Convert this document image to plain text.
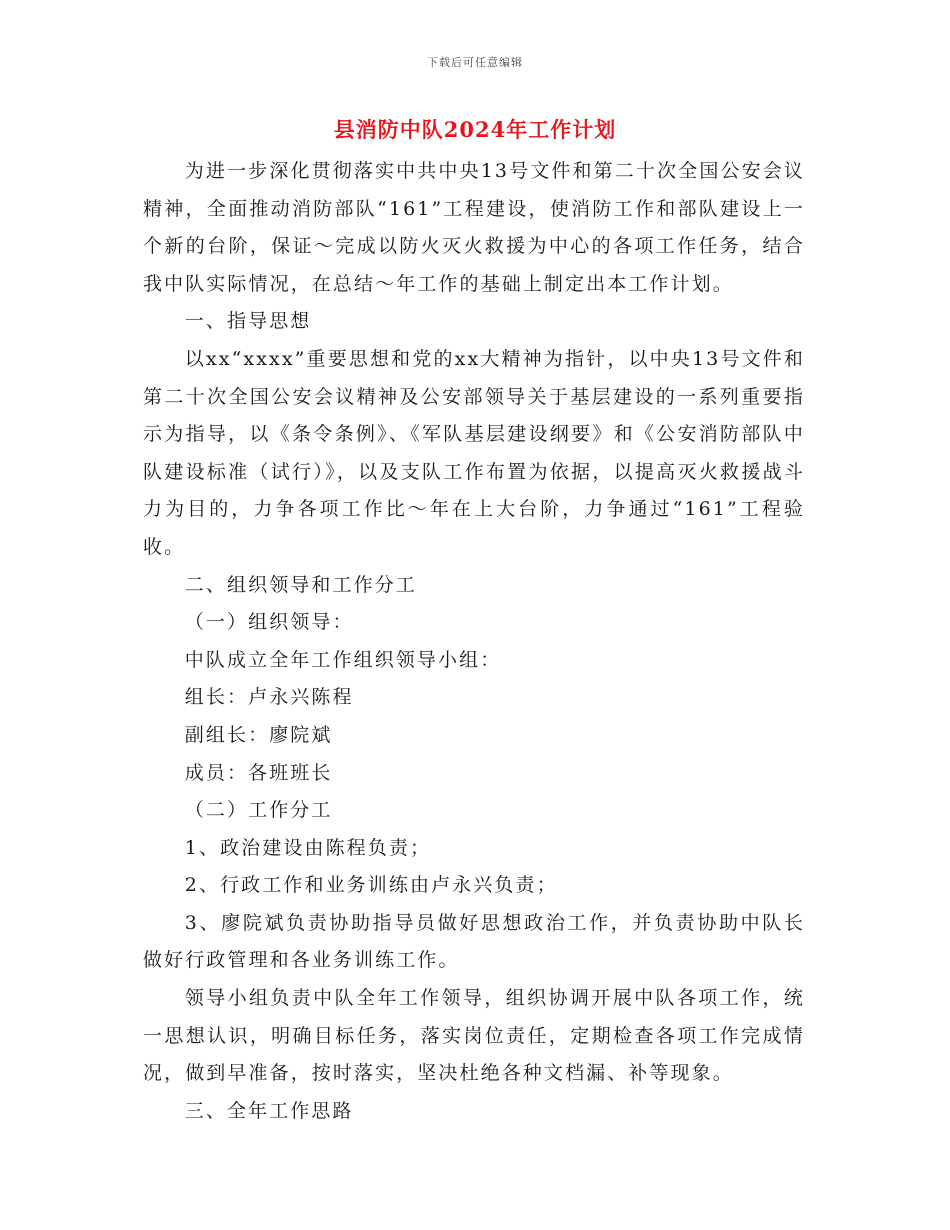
下载后可任意编辑
县消防中队2024年工作计划

为进一步深化贯彻落实中共中央13号文件和第二十次全国公安会议精神，全面推动消防部队“161”工程建设，使消防工作和部队建设上一个新的台阶，保证～完成以防火灭火救援为中心的各项工作任务，结合我中队实际情况，在总结～年工作的基础上制定出本工作计划。

一、指导思想

以xx“xxxx”重要思想和党的xx大精神为指针，以中央13号文件和第二十次全国公安会议精神及公安部领导关于基层建设的一系列重要指示为指导，以《条令条例》、《军队基层建设纲要》和《公安消防部队中队建设标准（试行）》，以及支队工作布置为依据，以提高灭火救援战斗力为目的，力争各项工作比～年在上大台阶，力争通过“161”工程验收。

二、组织领导和工作分工

（一）组织领导：

中队成立全年工作组织领导小组：

组长：卢永兴陈程

副组长：廖院斌

成员：各班班长

（二）工作分工

1、政治建设由陈程负责；

2、行政工作和业务训练由卢永兴负责；

3、廖院斌负责协助指导员做好思想政治工作，并负责协助中队长做好行政管理和各业务训练工作。

领导小组负责中队全年工作领导，组织协调开展中队各项工作，统一思想认识，明确目标任务，落实岗位责任，定期检查各项工作完成情况，做到早准备，按时落实，坚决杜绝各种文档漏、补等现象。

三、全年工作思路
